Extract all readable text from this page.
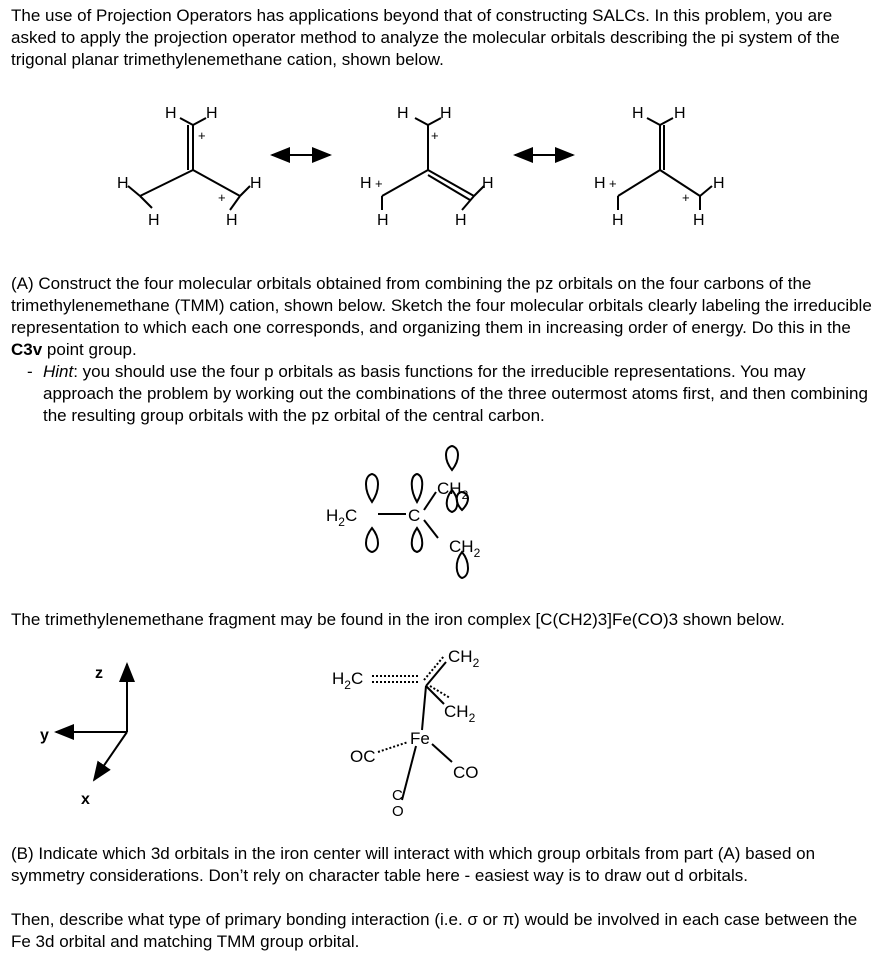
The use of Projection Operators has applications beyond that of constructing SALCs. In this problem, you are asked to apply the projection operator method to analyze the molecular orbitals describing the pi system of the trigonal planar trimethylenemethane cation, shown below.

H H
+
H	H
+
H	H
H H
+
H +	H
H	H
H H
H +	H
+
H	H

(A) Construct the four molecular orbitals obtained from combining the pz orbitals on the four carbons of the trimethylenemethane (TMM) cation, shown below. Sketch the four molecular orbitals clearly labeling the irreducible representation to which each one corresponds, and organizing them in increasing order of energy. Do this in the C3v point group.

- Hint: you should use the four p orbitals as basis functions for the irreducible representations. You may approach the problem by working out the combinations of the three outermost atoms first, and then combining the resulting group orbitals with the pz orbital of the central carbon.
$H_2C$	C
$CH_2$
$CH_2$

The trimethylenemethane fragment may be found in the iron complex [C(CH2)3]Fe(CO)3 shown below.

z
y
x
$CH_2$
$H_2C$
$CH_2$
Fe
OC
CO
C
O

(B) Indicate which 3d orbitals in the iron center will interact with which group orbitals from part (A) based on symmetry considerations. Don’t rely on character table here - easiest way is to draw out d orbitals.

Then, describe what type of primary bonding interaction (i.e. σ or π) would be involved in each case between the Fe 3d orbital and matching TMM group orbital.
